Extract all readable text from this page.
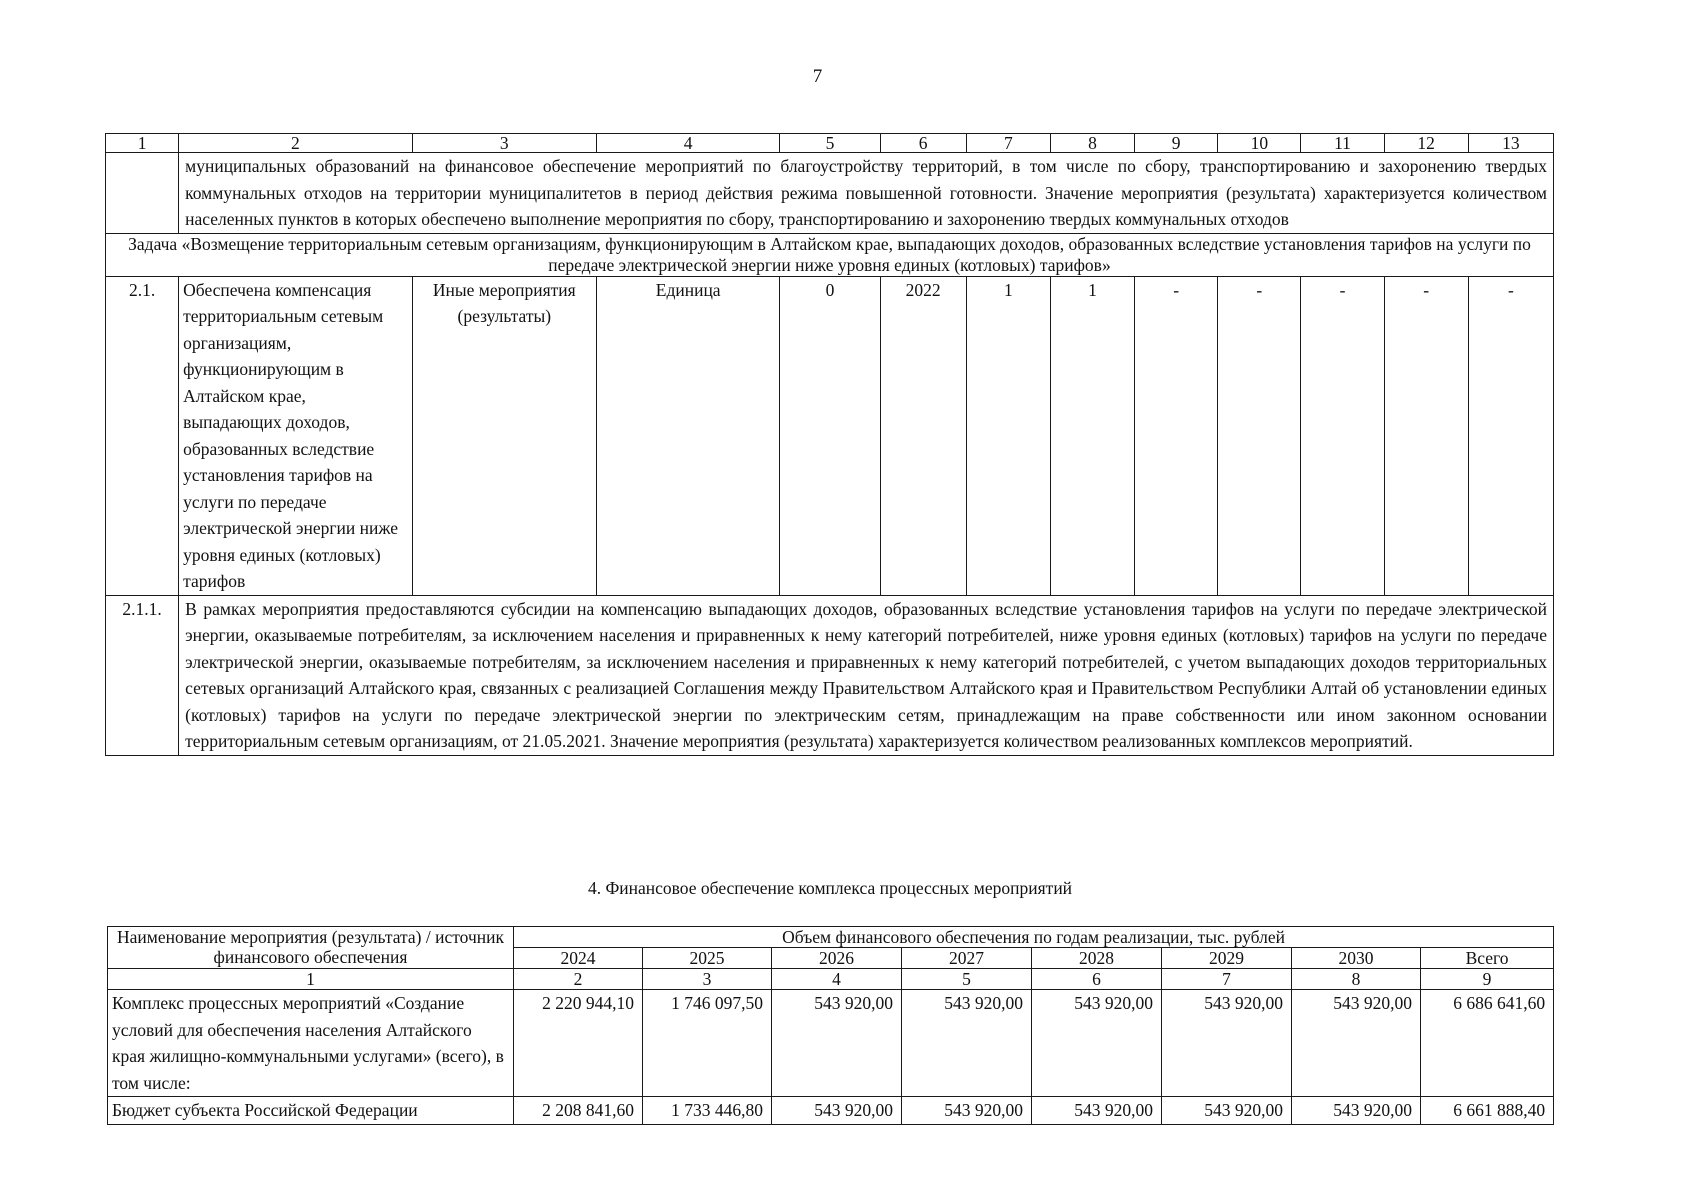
7
1	2	3	4	5	6	7	8	9	10	11	12	13
	муниципальных образований на финансовое обеспечение мероприятий по благоустройству территорий, в том числе по сбору, транспортированию и захоронению твердых коммунальных отходов на территории муниципалитетов в период действия режима повышенной готовности. Значение мероприятия (результата) характеризуется количеством населенных пунктов в которых обеспечено выполнение мероприятия по сбору, транспортированию и захоронению твердых коммунальных отходов											
Задача «Возмещение территориальным сетевым организациям, функционирующим в Алтайском крае, выпадающих доходов, образованных вследствие установления тарифов на услуги по передаче электрической энергии ниже уровня единых (котловых) тарифов»												
2.1.	Обеспечена компенсация территориальным сетевым организациям, функционирующим в Алтайском крае, выпадающих доходов, образованных вследствие установления тарифов на услуги по передаче электрической энергии ниже уровня единых (котловых) тарифов	Иные мероприятия (результаты)	Единица	0	2022	1	1	-	-	-	-	-
2.1.1.	В рамках мероприятия предоставляются субсидии на компенсацию выпадающих доходов, образованных вследствие установления тарифов на услуги по передаче электрической энергии, оказываемые потребителям, за исключением населения и приравненных к нему категорий потребителей, ниже уровня единых (котловых) тарифов на услуги по передаче электрической энергии, оказываемые потребителям, за исключением населения и приравненных к нему категорий потребителей, с учетом выпадающих доходов территориальных сетевых организаций Алтайского края, связанных с реализацией Соглашения между Правительством Алтайского края и Правительством Республики Алтай об установлении единых (котловых) тарифов на услуги по передаче электрической энергии по электрическим сетям, принадлежащим на праве собственности или ином законном основании территориальным сетевым организациям, от 21.05.2021. Значение мероприятия (результата) характеризуется количеством реализованных комплексов мероприятий.											
4. Финансовое обеспечение комплекса процессных мероприятий
Наименование мероприятия (результата) / источник финансового обеспечения	Объем финансового обеспечения по годам реализации, тыс. рублей							
	2024	2025	2026	2027	2028	2029	2030	Всего
1	2	3	4	5	6	7	8	9
Комплекс процессных мероприятий «Создание условий для обеспечения населения Алтайского края жилищно-коммунальными услугами» (всего), в том числе:	2 220 944,10	1 746 097,50	543 920,00	543 920,00	543 920,00	543 920,00	543 920,00	6 686 641,60
Бюджет субъекта Российской Федерации	2 208 841,60	1 733 446,80	543 920,00	543 920,00	543 920,00	543 920,00	543 920,00	6 661 888,40
